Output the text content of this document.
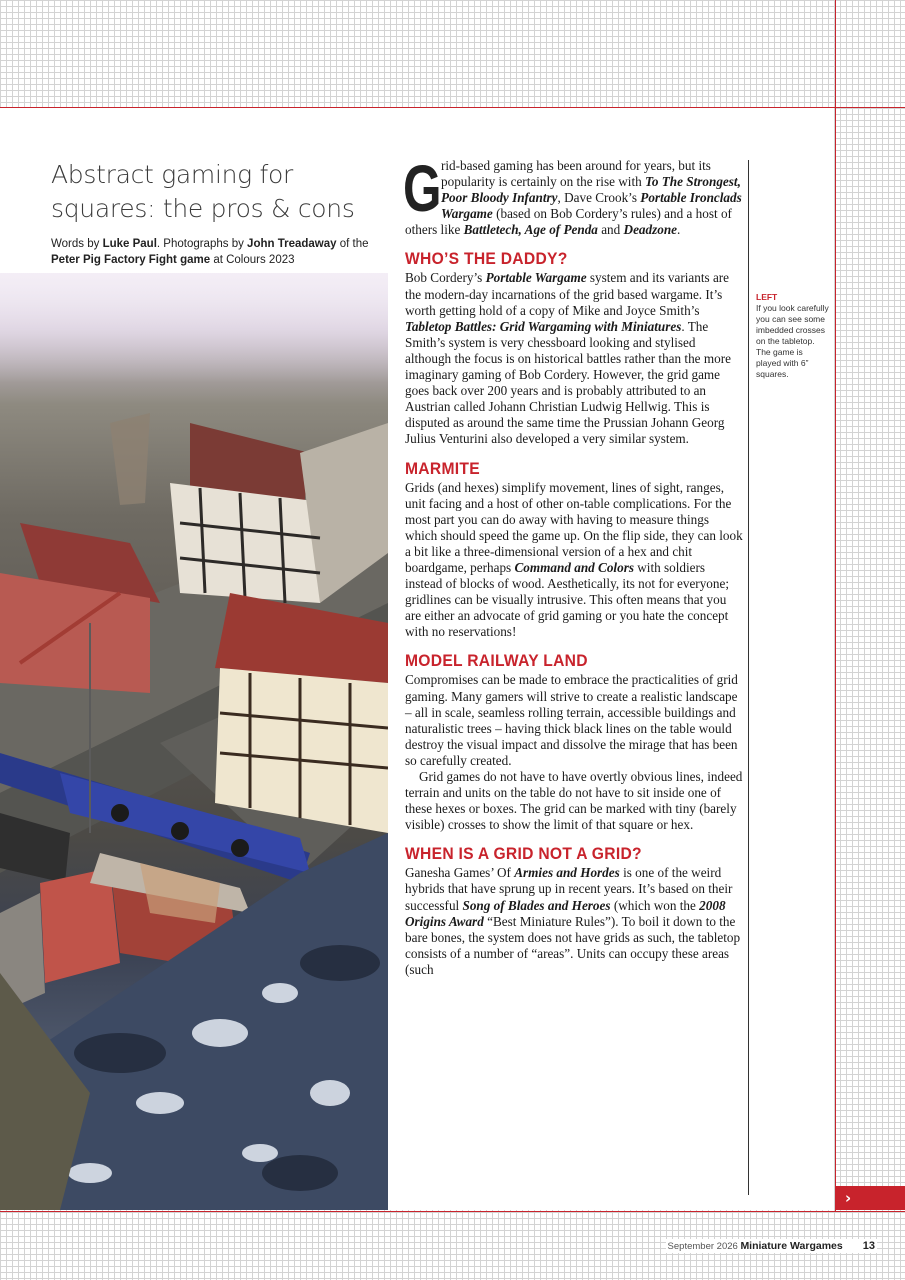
Abstract gaming for squares: the pros & cons
Words by Luke Paul. Photographs by John Treadaway of the Peter Pig Factory Fight game at Colours 2023

Grid-based gaming has been around for years, but its popularity is certainly on the rise with To The Strongest, Poor Bloody Infantry, Dave Crook’s Portable Ironclads Wargame (based on Bob Cordery’s rules) and a host of others like Battletech, Age of Penda and Deadzone.

WHO’S THE DADDY?

Bob Cordery’s Portable Wargame system and its variants are the modern-day incarnations of the grid based wargame. It’s worth getting hold of a copy of Mike and Joyce Smith’s Tabletop Battles: Grid Wargaming with Miniatures. The Smith’s system is very chessboard looking and stylised although the focus is on historical battles rather than the more imaginary gaming of Bob Cordery. However, the grid game goes back over 200 years and is probably attributed to an Austrian called Johann Christian Ludwig Hellwig. This is disputed as around the same time the Prussian Johann Georg Julius Venturini also developed a very similar system.

MARMITE

Grids (and hexes) simplify movement, lines of sight, ranges, unit facing and a host of other on-table complications. For the most part you can do away with having to measure things which should speed the game up. On the flip side, they can look a bit like a three-dimensional version of a hex and chit boardgame, perhaps Command and Colors with soldiers instead of blocks of wood. Aesthetically, its not for everyone; gridlines can be visually intrusive. This often means that you are either an advocate of grid gaming or you hate the concept with no reservations!

MODEL RAILWAY LAND

Compromises can be made to embrace the practicalities of grid gaming. Many gamers will strive to create a realistic landscape – all in scale, seamless rolling terrain, accessible buildings and naturalistic trees – having thick black lines on the table would destroy the visual impact and dissolve the mirage that has been so carefully created.

Grid games do not have to have overtly obvious lines, indeed terrain and units on the table do not have to sit inside one of these hexes or boxes. The grid can be marked with tiny (barely visible) crosses to show the limit of that square or hex.

WHEN IS A GRID NOT A GRID?

Ganesha Games’ Of Armies and Hordes is one of the weird hybrids that have sprung up in recent years. It’s based on their successful Song of Blades and Heroes (which won the 2008 Origins Award “Best Miniature Rules”). To boil it down to the bare bones, the system does not have grids as such, the tabletop consists of a number of “areas”. Units can occupy these areas (such

LEFT
If you look carefully you can see some imbedded crosses on the tabletop. The game is played with 6” squares.
›
September 2026 Miniature Wargames 13
